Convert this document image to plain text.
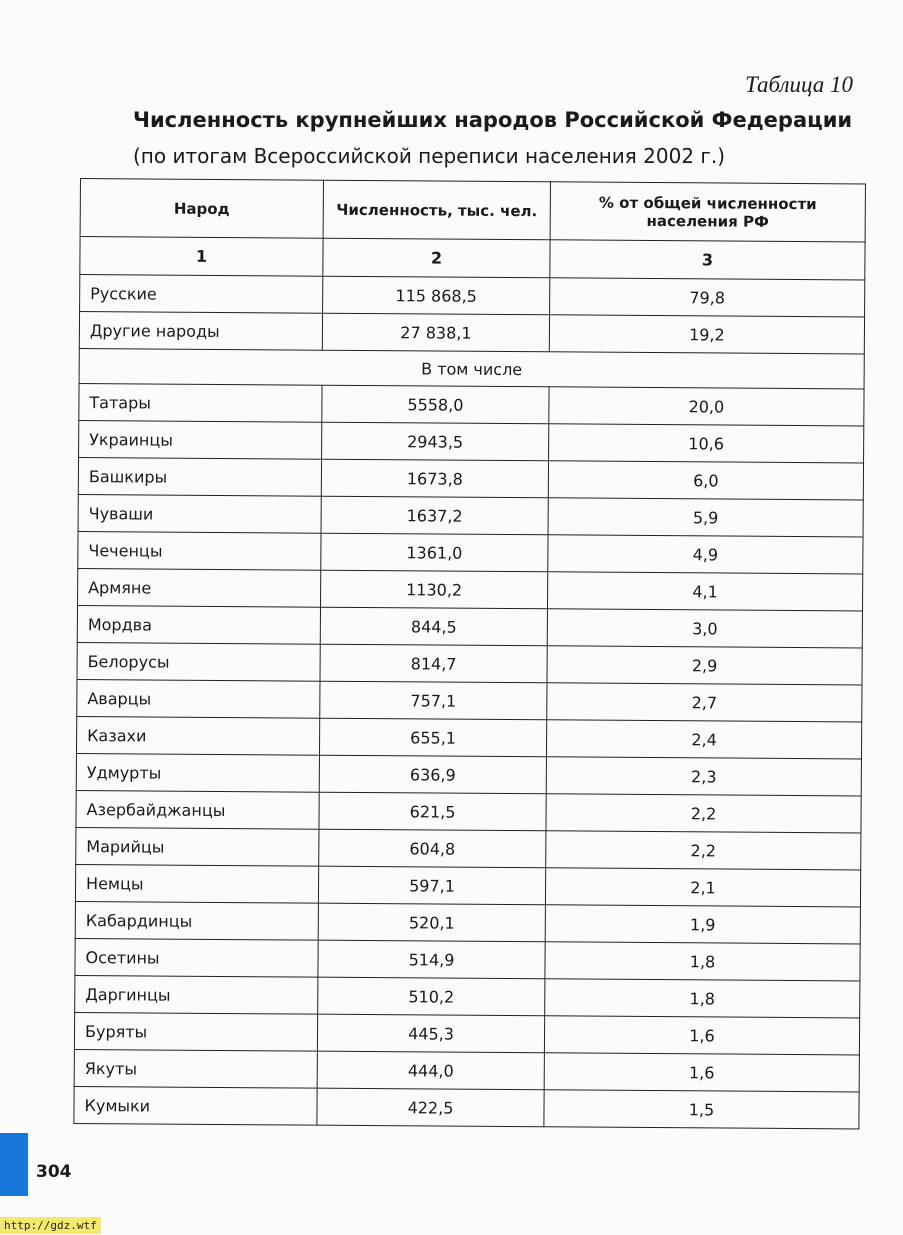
Таблица 10
Численность крупнейших народов Российской Федерации
(по итогам Всероссийской переписи населения 2002 г.)
Народ	Численность, тыс. чел.	% от общей численности населения РФ
1	2	3
Русские	115 868,5	79,8
Другие народы	27 838,1	19,2
В том числе		
Татары	5558,0	20,0
Украинцы	2943,5	10,6
Башкиры	1673,8	6,0
Чуваши	1637,2	5,9
Чеченцы	1361,0	4,9
Армяне	1130,2	4,1
Мордва	844,5	3,0
Белорусы	814,7	2,9
Аварцы	757,1	2,7
Казахи	655,1	2,4
Удмурты	636,9	2,3
Азербайджанцы	621,5	2,2
Марийцы	604,8	2,2
Немцы	597,1	2,1
Кабардинцы	520,1	1,9
Осетины	514,9	1,8
Даргинцы	510,2	1,8
Буряты	445,3	1,6
Якуты	444,0	1,6
Кумыки	422,5	1,5
304
http://gdz.wtf
